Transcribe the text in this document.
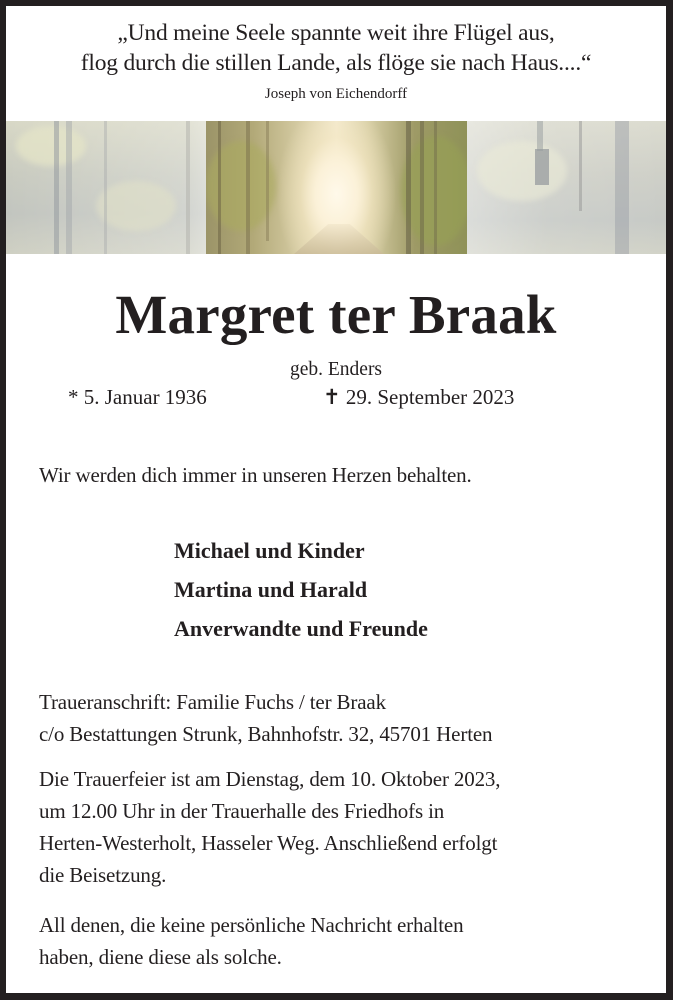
„Und meine Seele spannte weit ihre Flügel aus,
flog durch die stillen Lande, als flöge sie nach Haus....“
Joseph von Eichendorff
Margret ter Braak
geb. Enders
* 5. Januar 1936	✝ 29. September 2023
Wir werden dich immer in unseren Herzen behalten.
Michael und Kinder
Martina und Harald
Anverwandte und Freunde
Traueranschrift: Familie Fuchs / ter Braak
c/o Bestattungen Strunk, Bahnhofstr. 32, 45701 Herten
Die Trauerfeier ist am Dienstag, dem 10. Oktober 2023,
um 12.00 Uhr in der Trauerhalle des Friedhofs in
Herten-Westerholt, Hasseler Weg. Anschließend erfolgt
die Beisetzung.
All denen, die keine persönliche Nachricht erhalten
haben, diene diese als solche.
